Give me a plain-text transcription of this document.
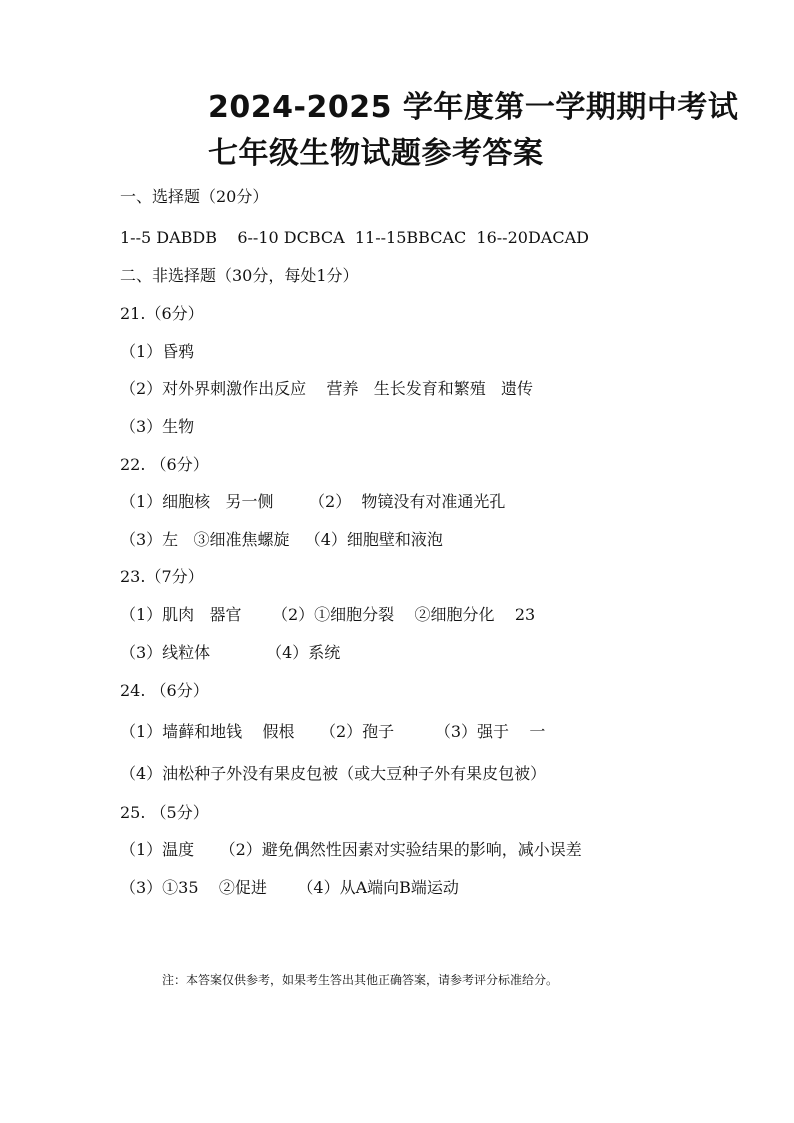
2024-2025 学年度第一学期期中考试
七年级生物试题参考答案
一、选择题（20分）
1--5 DABDB    6--10 DCBCA  11--15BBCAC  16--20DACAD
二、非选择题（30分，每处1分）
21.（6分）
（1）昏鸦
（2）对外界刺激作出反应    营养   生长发育和繁殖   遗传
（3）生物
22. （6分）
（1）细胞核   另一侧       （2）  物镜没有对准通光孔
（3）左   ③细准焦螺旋   （4）细胞壁和液泡
23.（7分）
（1）肌肉   器官      （2）①细胞分裂    ②细胞分化    23
（3）线粒体           （4）系统
24. （6分）
（1）墙藓和地钱    假根     （2）孢子        （3）强于    一
（4）油松种子外没有果皮包被（或大豆种子外有果皮包被）
25. （5分）
（1）温度     （2）避免偶然性因素对实验结果的影响，减小误差
（3）①35    ②促进      （4）从A端向B端运动
注：本答案仅供参考，如果考生答出其他正确答案，请参考评分标准给分。
